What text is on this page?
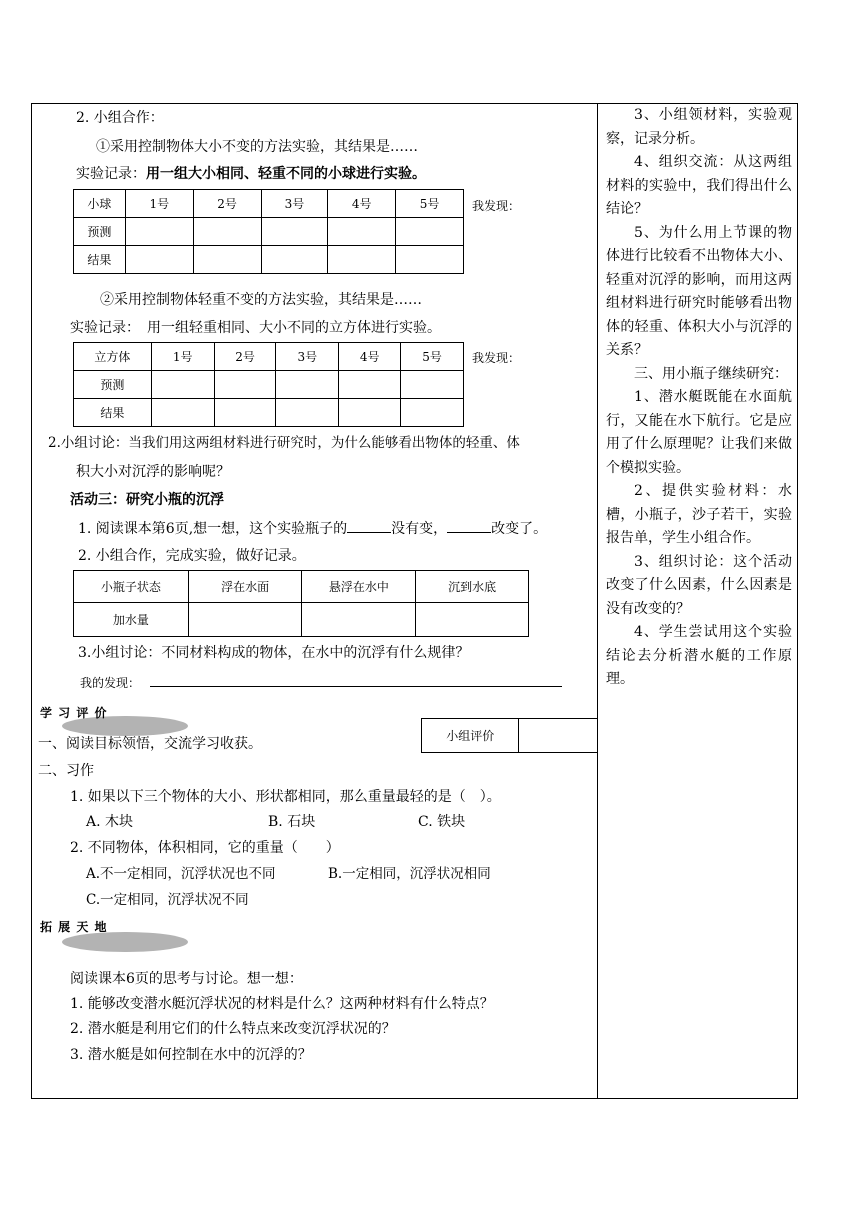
2. 小组合作：
①采用控制物体大小不变的方法实验，其结果是……
实验记录：用一组大小相同、轻重不同的小球进行实验。
小球	1号	2号	3号	4号	5号
预测					
结果					
我发现：
②采用控制物体轻重不变的方法实验，其结果是……
实验记录：　用一组轻重相同、大小不同的立方体进行实验。
立方体	1号	2号	3号	4号	5号
预测					
结果					
我发现：
2.小组讨论：当我们用这两组材料进行研究时，为什么能够看出物体的轻重、体
积大小对沉浮的影响呢？
活动三：研究小瓶的沉浮
1. 阅读课本第6页,想一想，这个实验瓶子的	没有变，	改变了。
2. 小组合作，完成实验，做好记录。
小瓶子状态	浮在水面	悬浮在水中	沉到水底
加水量			
3.小组讨论：不同材料构成的物体，在水中的沉浮有什么规律？
我的发现：
学 习 评 价
小组评价	
一、阅读目标领悟，交流学习收获。
二、习作
1. 如果以下三个物体的大小、形状都相同，那么重量最轻的是（　）。
A. 木块	B. 石块	C. 铁块
2. 不同物体，体积相同，它的重量（　　）
A.不一定相同，沉浮状况也不同	B.一定相同，沉浮状况相同
C.一定相同，沉浮状况不同
拓 展 天 地
阅读课本6页的思考与讨论。想一想：
1. 能够改变潜水艇沉浮状况的材料是什么？这两种材料有什么特点？
2. 潜水艇是利用它们的什么特点来改变沉浮状况的？
3. 潜水艇是如何控制在水中的沉浮的？

3、小组领材料，实验观察，记录分析。

4、组织交流：从这两组材料的实验中，我们得出什么结论？

5、为什么用上节课的物体进行比较看不出物体大小、轻重对沉浮的影响，而用这两组材料进行研究时能够看出物体的轻重、体积大小与沉浮的关系？

三、用小瓶子继续研究：

1、潜水艇既能在水面航行，又能在水下航行。它是应用了什么原理呢？让我们来做个模拟实验。

2、提供实验材料：水槽，小瓶子，沙子若干，实验报告单，学生小组合作。

3、组织讨论：这个活动改变了什么因素，什么因素是没有改变的？

4、学生尝试用这个实验结论去分析潜水艇的工作原理。
